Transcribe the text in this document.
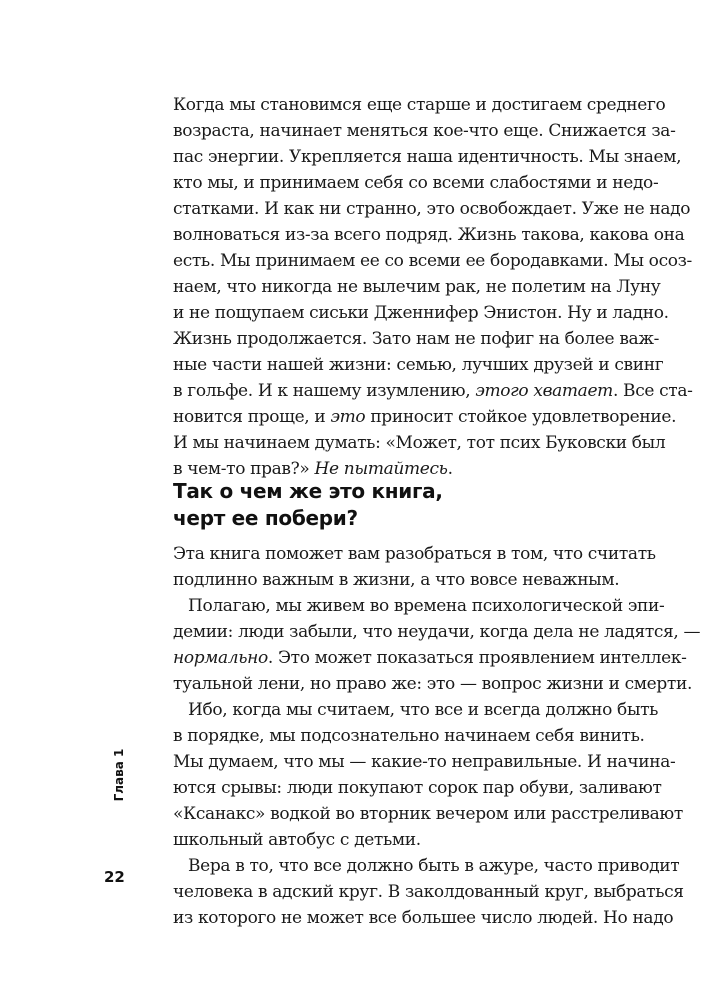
Когда мы становимся еще старше и достигаем среднего
возраста, начинает меняться кое-что еще. Снижается за-
пас энергии. Укрепляется наша идентичность. Мы знаем,
кто мы, и принимаем себя со всеми слабостями и недо-
статками. И как ни странно, это освобождает. Уже не надо
волноваться из-за всего подряд. Жизнь такова, какова она
есть. Мы принимаем ее со всеми ее бородавками. Мы осоз-
наем, что никогда не вылечим рак, не полетим на Луну
и не пощупаем сиськи Дженнифер Энистон. Ну и ладно.
Жизнь продолжается. Зато нам не пофиг на более важ-
ные части нашей жизни: семью, лучших друзей и свинг
в гольфе. И к нашему изумлению, этого хватает. Все ста-
новится проще, и это приносит стойкое удовлетворение.
И мы начинаем думать: «Может, тот псих Буковски был
в чем-то прав?» Не пытайтесь.
Так о чем же это книга,
черт ее побери?
Эта книга поможет вам разобраться в том, что считать
подлинно важным в жизни, а что вовсе неважным.
Полагаю, мы живем во времена психологической эпи-
демии: люди забыли, что неудачи, когда дела не ладятся, —
нормально. Это может показаться проявлением интеллек-
туальной лени, но право же: это — вопрос жизни и смерти.
Ибо, когда мы считаем, что все и всегда должно быть
в порядке, мы подсознательно начинаем себя винить.
Мы думаем, что мы — какие-то неправильные. И начина-
ются срывы: люди покупают сорок пар обуви, заливают
«Ксанакс» водкой во вторник вечером или расстреливают
школьный автобус с детьми.
Вера в то, что все должно быть в ажуре, часто приводит
человека в адский круг. В заколдованный круг, выбраться
из которого не может все большее число людей. Но надо
Глава 1
22
